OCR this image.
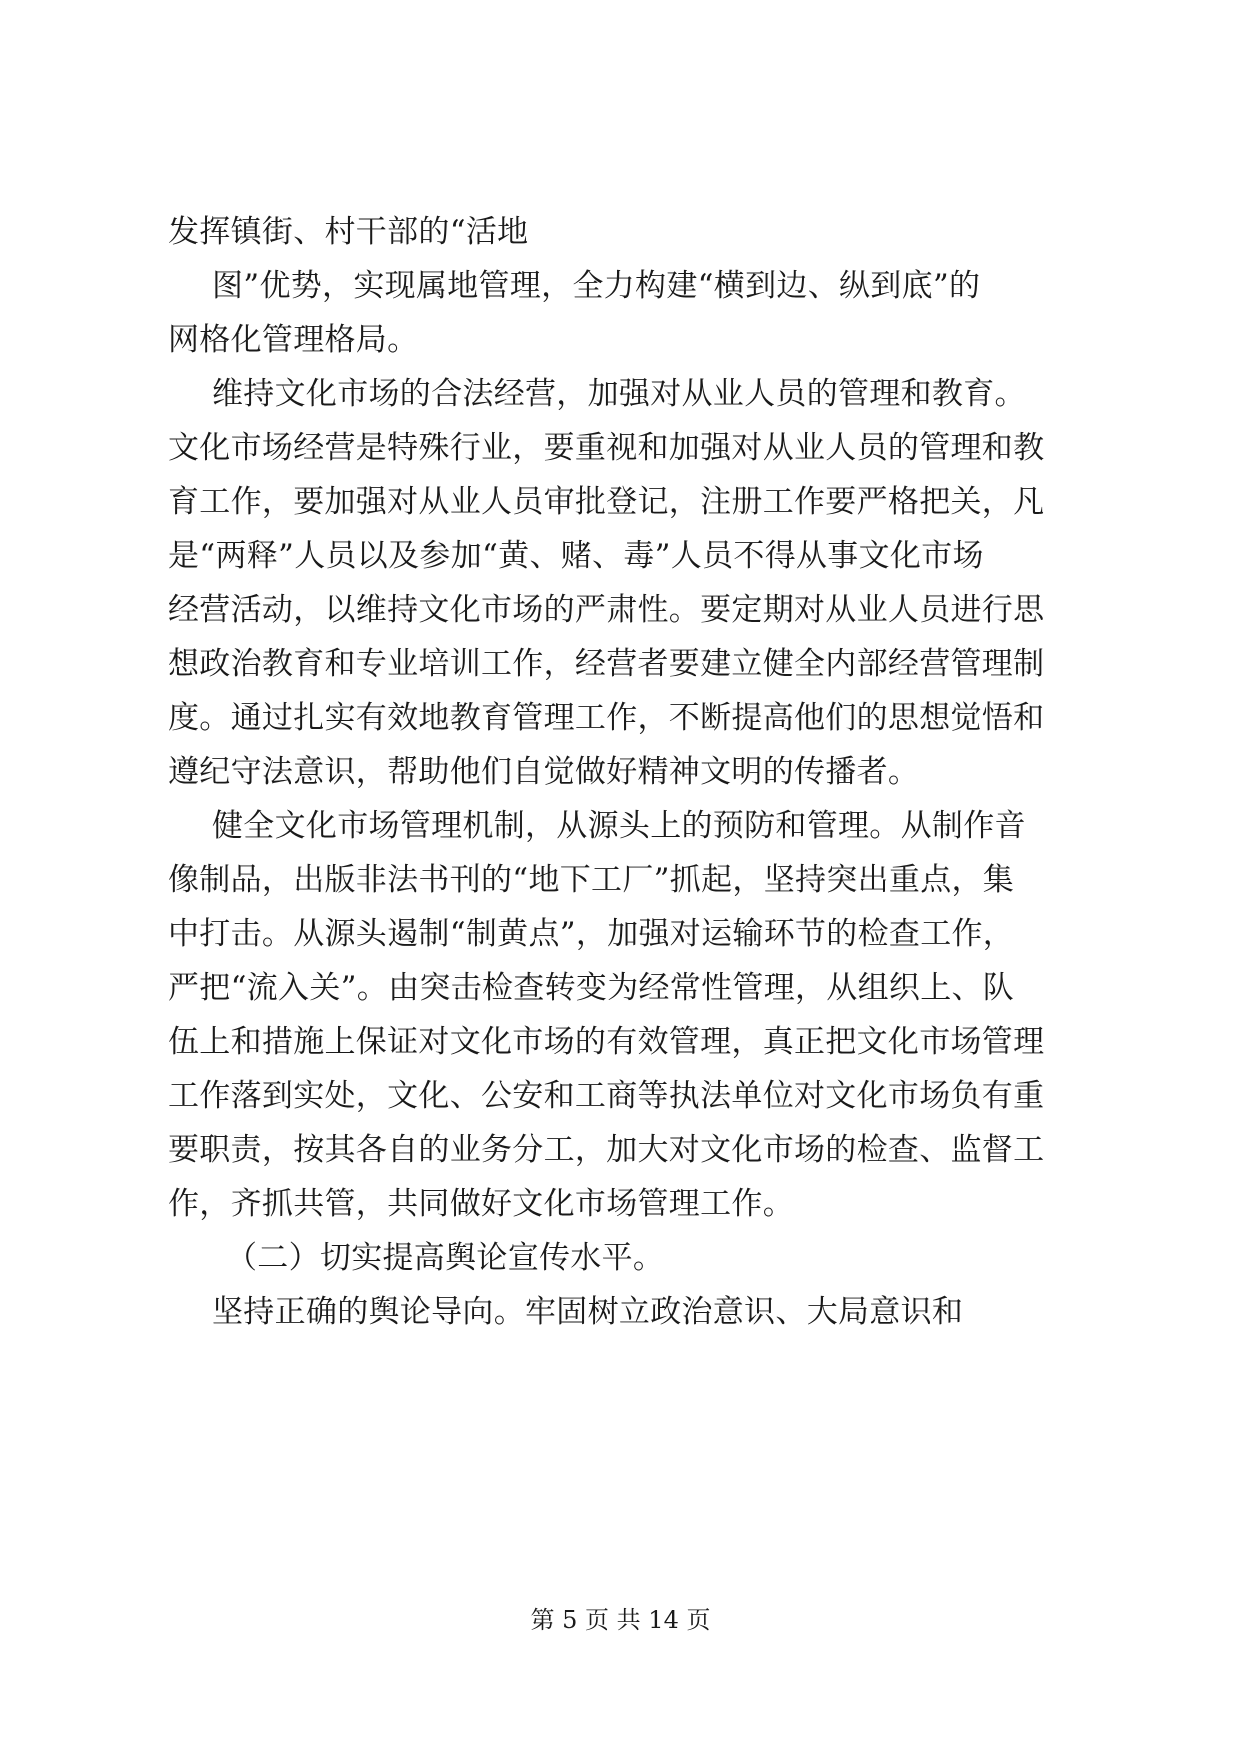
发挥镇街、村干部的“活地
图”优势，实现属地管理，全力构建“横到边、纵到底”的
网格化管理格局。
维持文化市场的合法经营，加强对从业人员的管理和教育。
文化市场经营是特殊行业，要重视和加强对从业人员的管理和教
育工作，要加强对从业人员审批登记，注册工作要严格把关，凡
是“两释”人员以及参加“黄、赌、毒”人员不得从事文化市场
经营活动，以维持文化市场的严肃性。要定期对从业人员进行思
想政治教育和专业培训工作，经营者要建立健全内部经营管理制
度。通过扎实有效地教育管理工作，不断提高他们的思想觉悟和
遵纪守法意识，帮助他们自觉做好精神文明的传播者。
健全文化市场管理机制，从源头上的预防和管理。从制作音
像制品，出版非法书刊的“地下工厂”抓起，坚持突出重点，集
中打击。从源头遏制“制黄点”，加强对运输环节的检查工作，
严把“流入关”。由突击检查转变为经常性管理，从组织上、队
伍上和措施上保证对文化市场的有效管理，真正把文化市场管理
工作落到实处，文化、公安和工商等执法单位对文化市场负有重
要职责，按其各自的业务分工，加大对文化市场的检查、监督工
作，齐抓共管，共同做好文化市场管理工作。
（二）切实提高舆论宣传水平。
坚持正确的舆论导向。牢固树立政治意识、大局意识和
第 5 页 共 14 页
